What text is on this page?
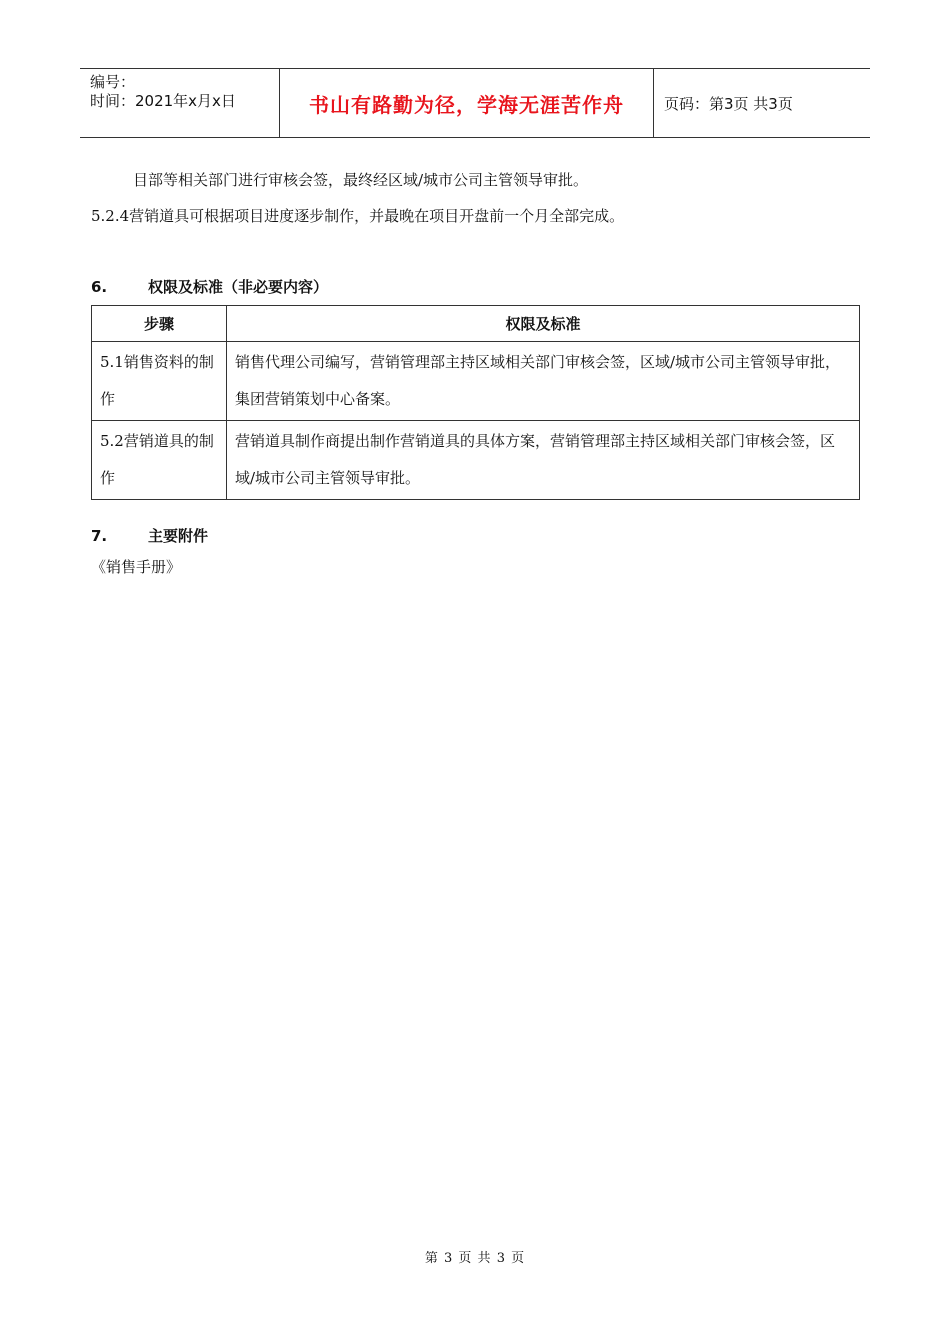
编号：
时间：2021年x月x日	书山有路勤为径，学海无涯苦作舟	页码：第3页 共3页
目部等相关部门进行审核会签，最终经区域/城市公司主管领导审批。
5.2.4营销道具可根据项目进度逐步制作，并最晚在项目开盘前一个月全部完成。
6.	权限及标准（非必要内容）
步骤	权限及标准
5.1销售资料的制作	销售代理公司编写，营销管理部主持区域相关部门审核会签，区域/城市公司主管领导审批，集团营销策划中心备案。
5.2营销道具的制作	营销道具制作商提出制作营销道具的具体方案，营销管理部主持区域相关部门审核会签，区域/城市公司主管领导审批。
7.	主要附件
《销售手册》
第 3 页 共 3 页
